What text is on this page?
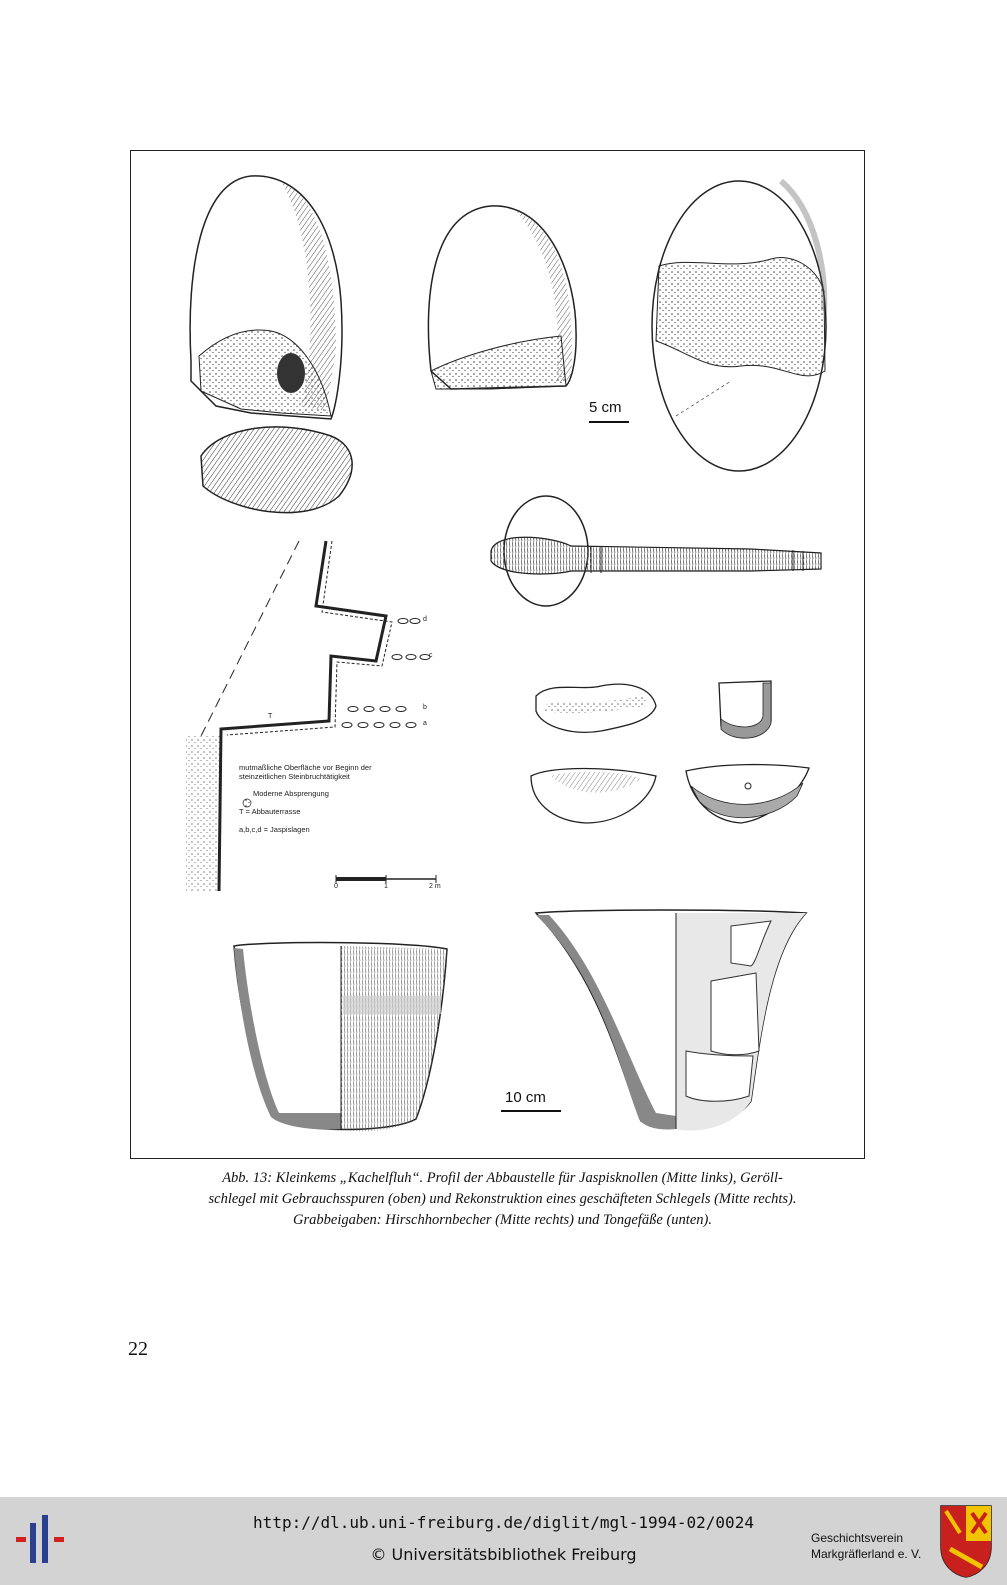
5 cm
10 cm
d
c
b
a
T
mutmaßliche Oberfläche vor Beginn der steinzeitlichen Steinbruchtätigkeit
Moderne Absprengung
T = Abbauterrasse
a,b,c,d = Jaspislagen
0	1	2 m
Abb. 13: Kleinkems „Kachelfluh“. Profil der Abbaustelle für Jaspisknollen (Mitte links), Geröll-
schlegel mit Gebrauchsspuren (oben) und Rekonstruktion eines geschäfteten Schlegels (Mitte rechts).
Grabbeigaben: Hirschhornbecher (Mitte rechts) und Tongefäße (unten).
22
http://dl.ub.uni-freiburg.de/diglit/mgl-1994-02/0024
© Universitätsbibliothek Freiburg
Geschichtsverein
Markgräflerland e. V.
